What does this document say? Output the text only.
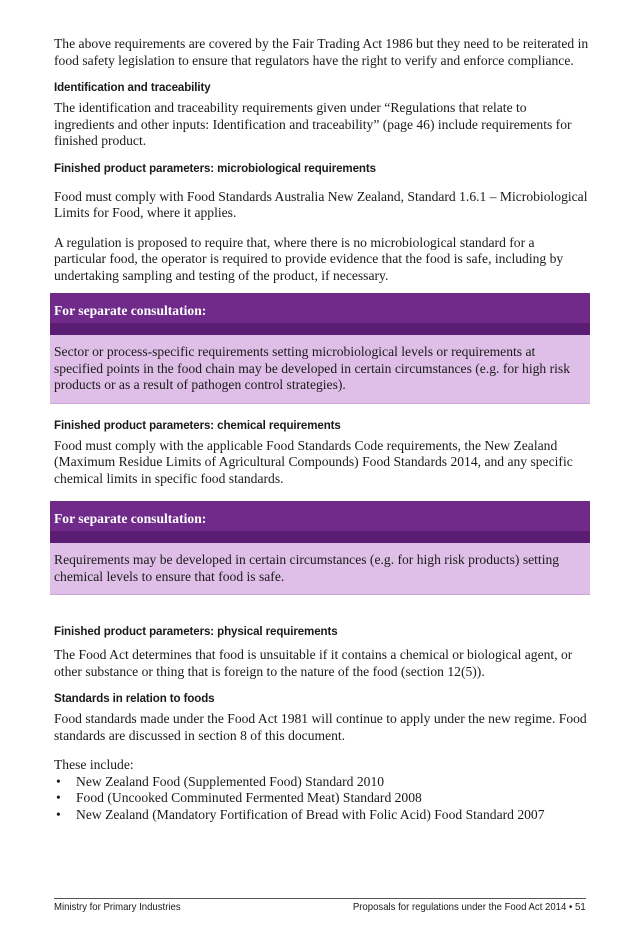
The above requirements are covered by the Fair Trading Act 1986 but they need to be reiterated in food safety legislation to ensure that regulators have the right to verify and enforce compliance.

Identification and traceability

The identification and traceability requirements given under “Regulations that relate to ingredients and other inputs: Identification and traceability” (page 46) include requirements for finished product.

Finished product parameters: microbiological requirements

Food must comply with Food Standards Australia New Zealand, Standard 1.6.1 – Microbiological Limits for Food, where it applies.

A regulation is proposed to require that, where there is no microbiological standard for a particular food, the operator is required to provide evidence that the food is safe, including by undertaking sampling and testing of the product, if necessary.

For separate consultation:

Sector or process-specific requirements setting microbiological levels or requirements at specified points in the food chain may be developed in certain circumstances (e.g. for high risk products or as a result of pathogen control strategies).

Finished product parameters: chemical requirements

Food must comply with the applicable Food Standards Code requirements, the New Zealand (Maximum Residue Limits of Agricultural Compounds) Food Standards 2014, and any specific chemical limits in specific food standards.

For separate consultation:

Requirements may be developed in certain circumstances (e.g. for high risk products) setting chemical levels to ensure that food is safe.

Finished product parameters: physical requirements

The Food Act determines that food is unsuitable if it contains a chemical or biological agent, or other substance or thing that is foreign to the nature of the food (section 12(5)).

Standards in relation to foods

Food standards made under the Food Act 1981 will continue to apply under the new regime. Food standards are discussed in section 8 of this document.

These include:

• New Zealand Food (Supplemented Food) Standard 2010
• Food (Uncooked Comminuted Fermented Meat) Standard 2008
• New Zealand (Mandatory Fortification of Bread with Folic Acid) Food Standard 2007
Ministry for Primary Industries	Proposals for regulations under the Food Act 2014 • 51
